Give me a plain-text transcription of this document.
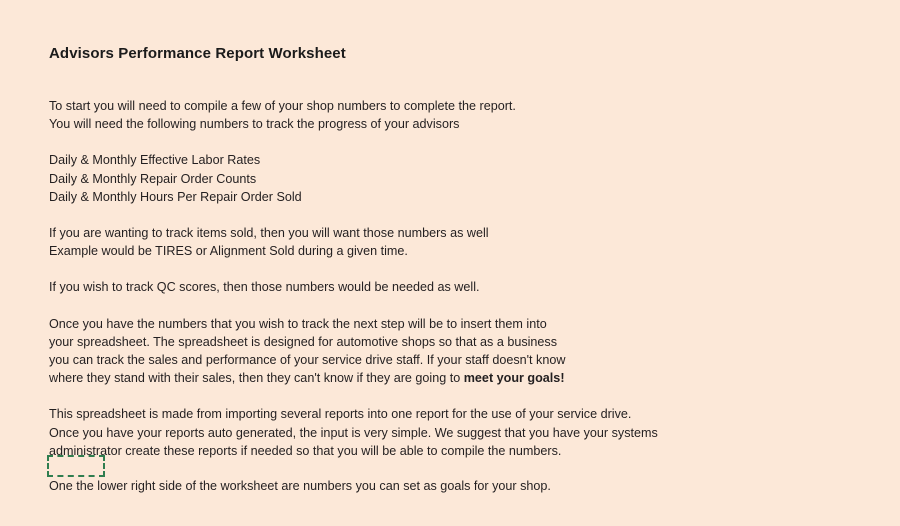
Advisors Performance Report Worksheet
To start you will need to compile a few of your shop numbers to complete the report.
You will need the following numbers to track the progress of your advisors
Daily & Monthly Effective Labor Rates
Daily & Monthly Repair Order Counts
Daily & Monthly Hours Per Repair Order Sold
If you are wanting to track items sold, then you will want those numbers as well
Example would be TIRES or Alignment Sold during a given time.
If you wish to track QC scores, then those numbers would be needed as well.
Once you have the numbers that you wish to track the next step will be to insert them into
your spreadsheet. The spreadsheet is designed for automotive shops so that as a business
you can track the sales and performance of your service drive staff. If your staff doesn't know
where they stand with their sales, then they can't know if they are going to meet your goals!
This spreadsheet is made from importing several reports into one report for the use of your service drive.
Once you have your reports auto generated, the input is very simple. We suggest that you have your systems
administrator create these reports if needed so that you will be able to compile the numbers.
One the lower right side of the worksheet are numbers you can set as goals for your shop.
